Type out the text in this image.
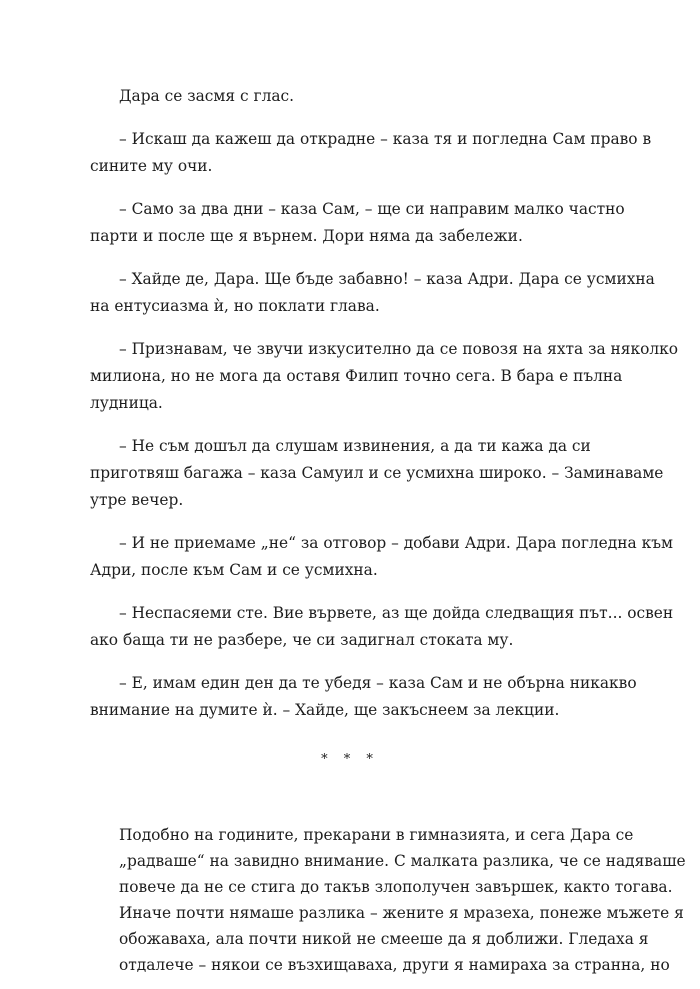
Дара се засмя с глас.

– Искаш да кажеш да открадне – каза тя и погледна Сам право в
сините му очи.

– Само за два дни – каза Сам, – ще си направим малко частно
парти и после ще я върнем. Дори няма да забележи.

– Хайде де, Дара. Ще бъде забавно! – каза Адри. Дара се усмихна
на ентусиазма ѝ, но поклати глава.

– Признавам, че звучи изкусително да се повозя на яхта за няколко
милиона, но не мога да оставя Филип точно сега. В бара е пълна
лудница.

– Не съм дошъл да слушам извинения, а да ти кажа да си
приготвяш багажа – каза Самуил и се усмихна широко. – Заминаваме
утре вечер.

– И не приемаме „не“ за отговор – добави Адри. Дара погледна към
Адри, после към Сам и се усмихна.

– Неспасяеми сте. Вие вървете, аз ще дойда следващия път... освен
ако баща ти не разбере, че си задигнал стоката му.

– Е, имам един ден да те убедя – каза Сам и не обърна никакво
внимание на думите ѝ. – Хайде, ще закъснеем за лекции.

* * *

Подобно на годините, прекарани в гимназията, и сега Дара се
„радваше“ на завидно внимание. С малката разлика, че се надяваше
повече да не се стига до такъв злополучен завършек, както тогава.
Иначе почти нямаше разлика – жените я мразеха, понеже мъжете я
обожаваха, ала почти никой не смееше да я доближи. Гледаха я
отдалече – някои се възхищаваха, други я намираха за странна, но
